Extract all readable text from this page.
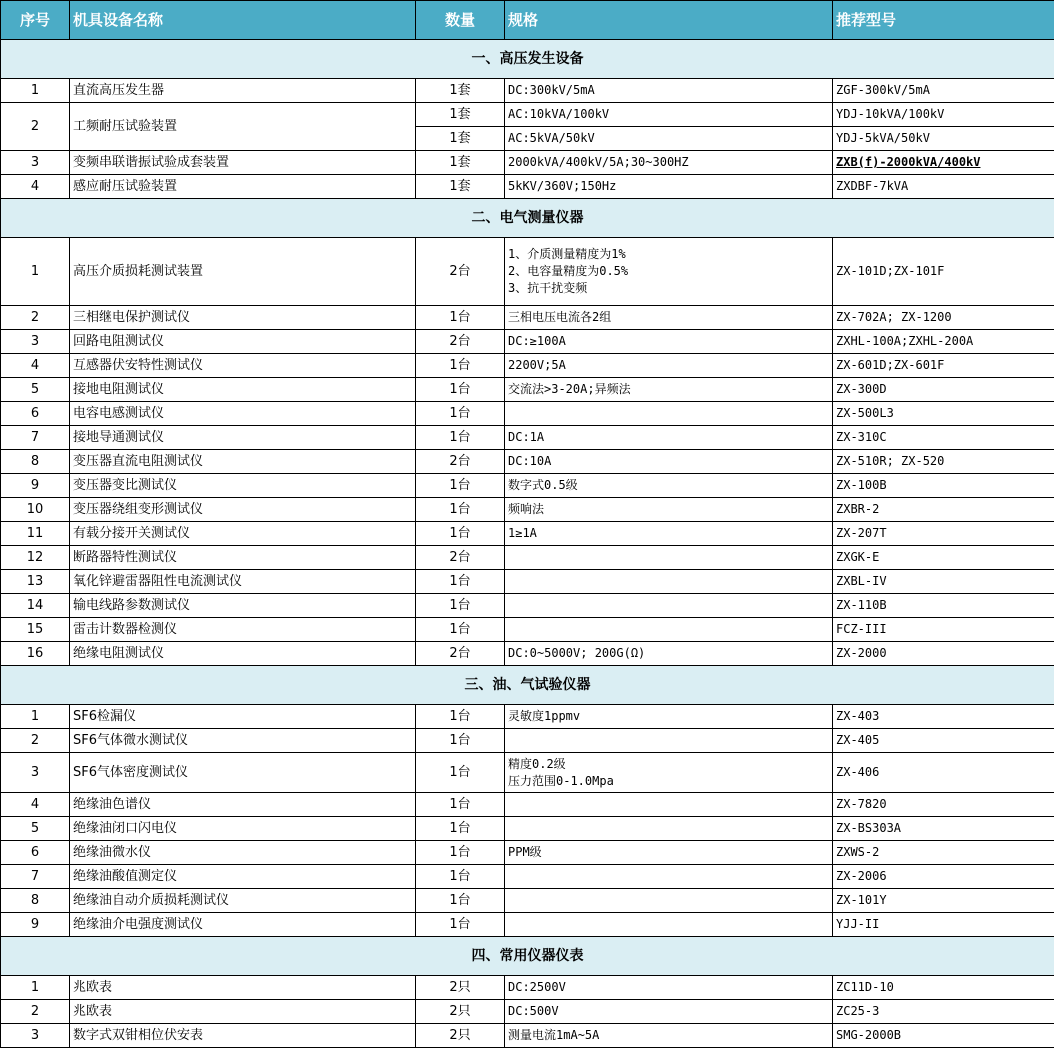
序号	机具设备名称	数量	规格	推荐型号
一、高压发生设备				
1	直流高压发生器	1套	DC:300kV/5mA	ZGF-300kV/5mA
2	工频耐压试验装置	1套	AC:10kVA/100kV	YDJ-10kVA/100kV
		1套	AC:5kVA/50kV	YDJ-5kVA/50kV
3	变频串联谐振试验成套装置	1套	2000kVA/400kV/5A;30~300HZ	ZXB(f)-2000kVA/400kV
4	感应耐压试验装置	1套	5kKV/360V;150Hz	ZXDBF-7kVA
二、电气测量仪器				
1	高压介质损耗测试装置	2台	1、介质测量精度为1%
2、电容量精度为0.5%
3、抗干扰变频	ZX-101D;ZX-101F
2	三相继电保护测试仪	1台	三相电压电流各2组	ZX-702A; ZX-1200
3	回路电阻测试仪	2台	DC:≥100A	ZXHL-100A;ZXHL-200A
4	互感器伏安特性测试仪	1台	2200V;5A	ZX-601D;ZX-601F
5	接地电阻测试仪	1台	交流法>3-20A;异频法	ZX-300D
6	电容电感测试仪	1台		ZX-500L3
7	接地导通测试仪	1台	DC:1A	ZX-310C
8	变压器直流电阻测试仪	2台	DC:10A	ZX-510R; ZX-520
9	变压器变比测试仪	1台	数字式0.5级	ZX-100B
10	变压器绕组变形测试仪	1台	频响法	ZXBR-2
11	有载分接开关测试仪	1台	1≥1A	ZX-207T
12	断路器特性测试仪	2台		ZXGK-E
13	氧化锌避雷器阻性电流测试仪	1台		ZXBL-IV
14	输电线路参数测试仪	1台		ZX-110B
15	雷击计数器检测仪	1台		FCZ-III
16	绝缘电阻测试仪	2台	DC:0~5000V; 200G(Ω)	ZX-2000
三、油、气试验仪器				
1	SF6检漏仪	1台	灵敏度1ppmv	ZX-403
2	SF6气体微水测试仪	1台		ZX-405
3	SF6气体密度测试仪	1台	精度0.2级
压力范围0-1.0Mpa	ZX-406
4	绝缘油色谱仪	1台		ZX-7820
5	绝缘油闭口闪电仪	1台		ZX-BS303A
6	绝缘油微水仪	1台	PPM级	ZXWS-2
7	绝缘油酸值测定仪	1台		ZX-2006
8	绝缘油自动介质损耗测试仪	1台		ZX-101Y
9	绝缘油介电强度测试仪	1台		YJJ-II
四、常用仪器仪表				
1	兆欧表	2只	DC:2500V	ZC11D-10
2	兆欧表	2只	DC:500V	ZC25-3
3	数字式双钳相位伏安表	2只	测量电流1mA~5A	SMG-2000B
